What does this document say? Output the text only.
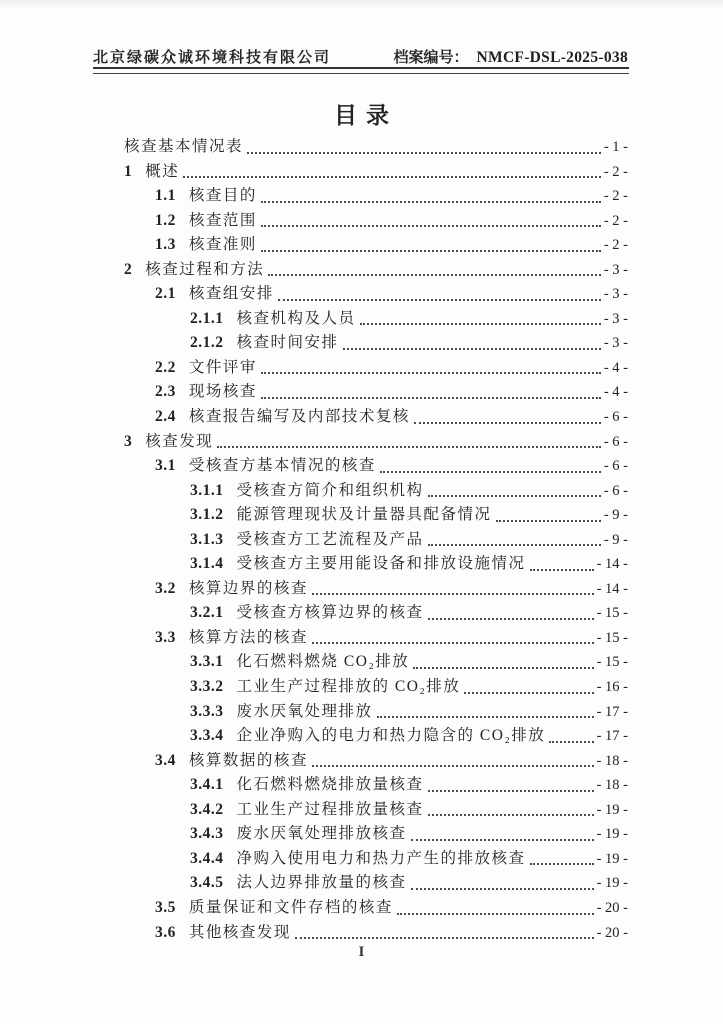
北京绿碳众诚环境科技有限公司	档案编号： NMCF-DSL-2025-038
目录
核查基本情况表	- 1 -
1 概述	- 2 -
1.1 核查目的	- 2 -
1.2 核查范围	- 2 -
1.3 核查准则	- 2 -
2 核查过程和方法	- 3 -
2.1 核查组安排	- 3 -
2.1.1 核查机构及人员	- 3 -
2.1.2 核查时间安排	- 3 -
2.2 文件评审	- 4 -
2.3 现场核查	- 4 -
2.4 核查报告编写及内部技术复核	- 6 -
3 核查发现	- 6 -
3.1 受核查方基本情况的核查	- 6 -
3.1.1 受核查方简介和组织机构	- 6 -
3.1.2 能源管理现状及计量器具配备情况	- 9 -
3.1.3 受核查方工艺流程及产品	- 9 -
3.1.4 受核查方主要用能设备和排放设施情况	- 14 -
3.2 核算边界的核查	- 14 -
3.2.1 受核查方核算边界的核查	- 15 -
3.3 核算方法的核查	- 15 -
3.3.1 化石燃料燃烧 CO₂排放	- 15 -
3.3.2 工业生产过程排放的 CO₂排放	- 16 -
3.3.3 废水厌氧处理排放	- 17 -
3.3.4 企业净购入的电力和热力隐含的 CO₂排放	- 17 -
3.4 核算数据的核查	- 18 -
3.4.1 化石燃料燃烧排放量核查	- 18 -
3.4.2 工业生产过程排放量核查	- 19 -
3.4.3 废水厌氧处理排放核查	- 19 -
3.4.4 净购入使用电力和热力产生的排放核查	- 19 -
3.4.5 法人边界排放量的核查	- 19 -
3.5 质量保证和文件存档的核查	- 20 -
3.6 其他核查发现	- 20 -
I
